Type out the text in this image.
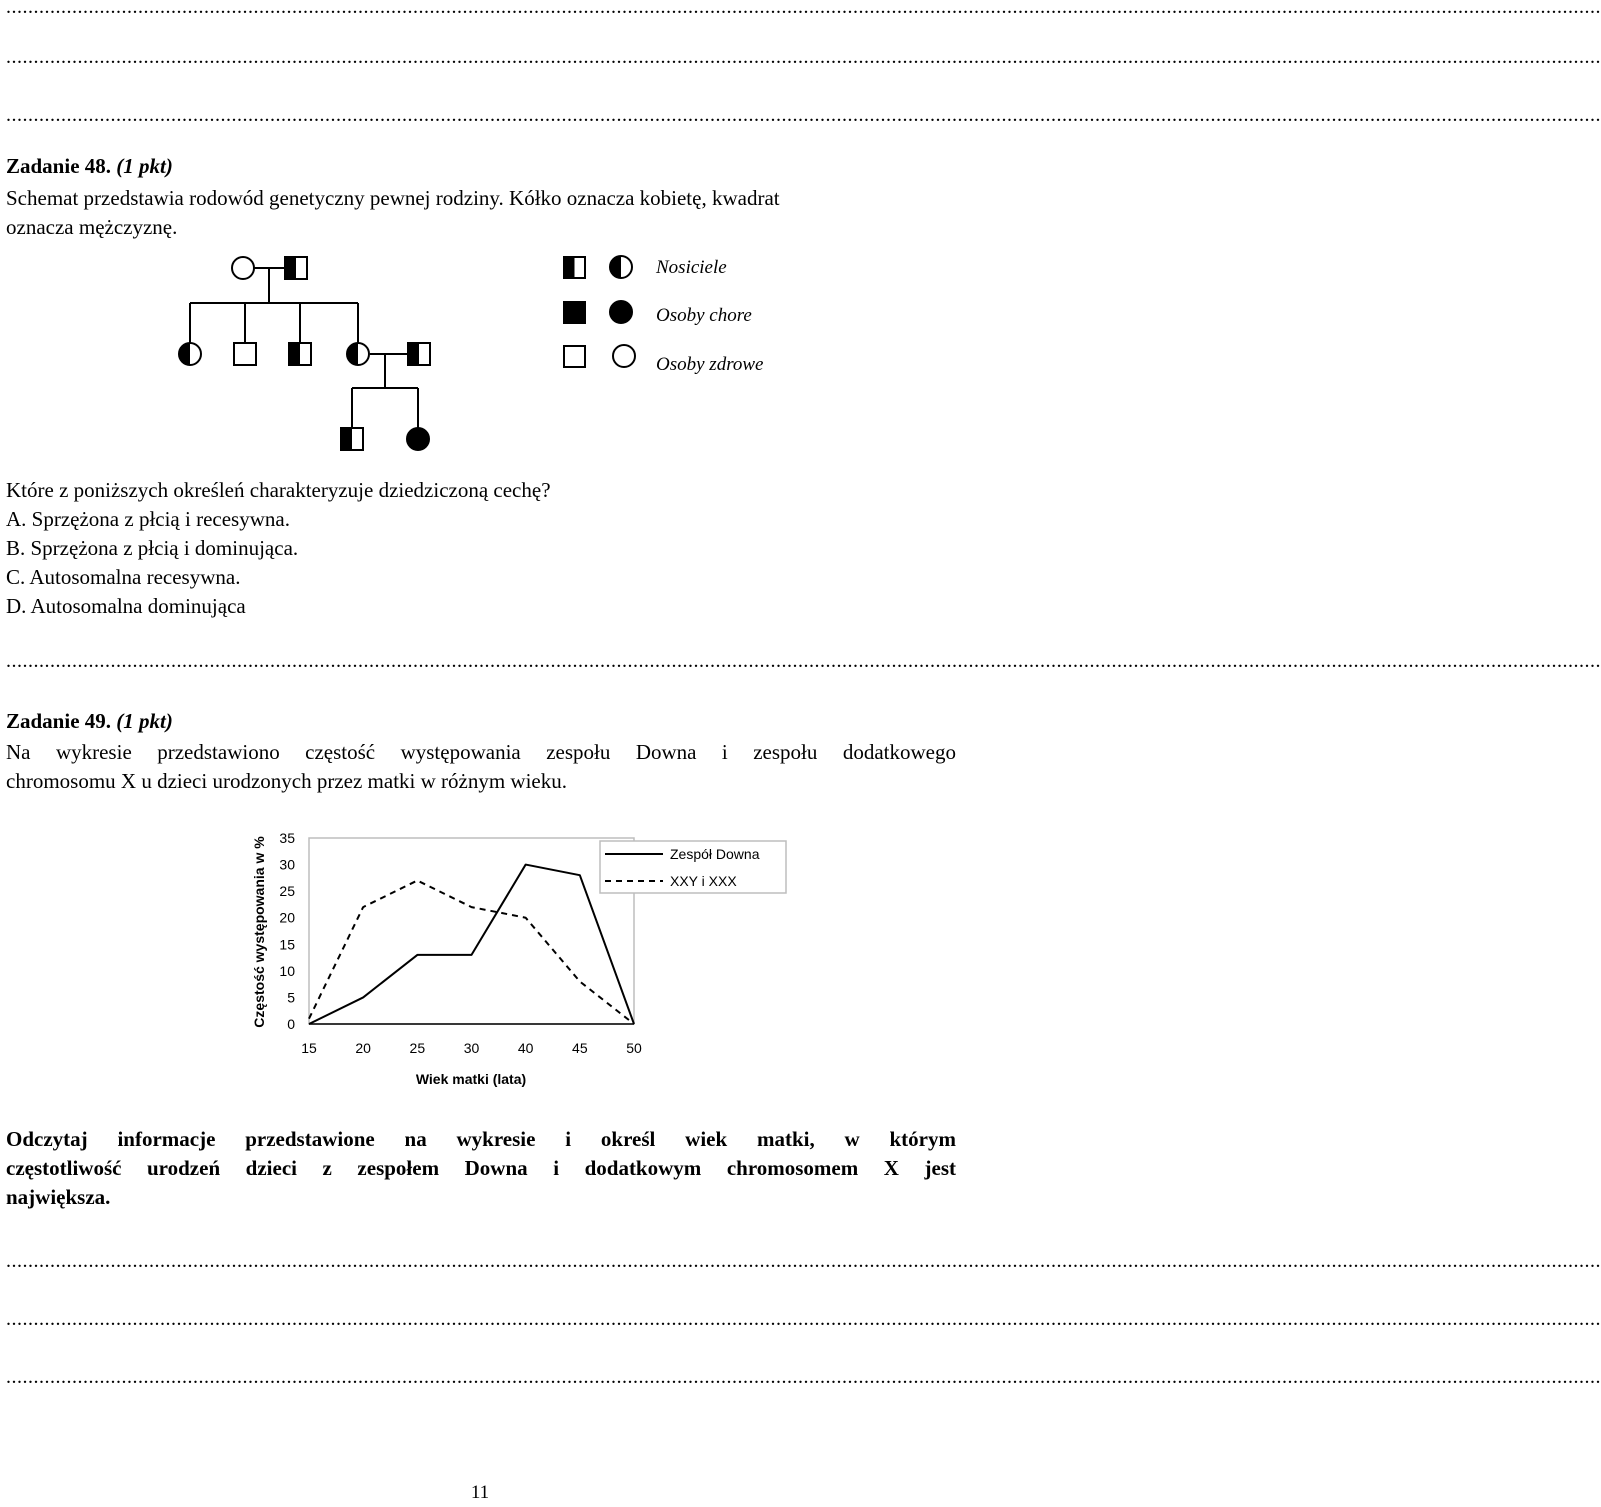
..................................................................................................................................................................................................................................................................................................
..................................................................................................................................................................................................................................................................................................
..................................................................................................................................................................................................................................................................................................
Zadanie 48. (1 pkt)
Schemat przedstawia rodowód genetyczny pewnej rodziny. Kółko oznacza kobietę, kwadrat
oznacza mężczyznę.
Nosiciele
Osoby chore
Osoby zdrowe
Które z poniższych określeń charakteryzuje dziedziczoną cechę?
A. Sprzężona z płcią i recesywna.
B. Sprzężona z płcią i dominująca.
C. Autosomalna recesywna.
D. Autosomalna dominująca
..................................................................................................................................................................................................................................................................................................
Zadanie 49. (1 pkt)
Na wykresie przedstawiono częstość występowania zespołu Downa i zespołu dodatkowego
chromosomu X u dzieci urodzonych przez matki w różnym wieku.
Częstość występowania w %
Wiek matki (lata)
35
30
25
20
15
10
5
0
15	20	25	30	40	45	50
Zespół Downa
XXY i XXX
Odczytaj informacje przedstawione na wykresie i określ wiek matki, w którym
częstotliwość urodzeń dzieci z zespołem Downa i dodatkowym chromosomem X jest
największa.
..................................................................................................................................................................................................................................................................................................
..................................................................................................................................................................................................................................................................................................
..................................................................................................................................................................................................................................................................................................
11
